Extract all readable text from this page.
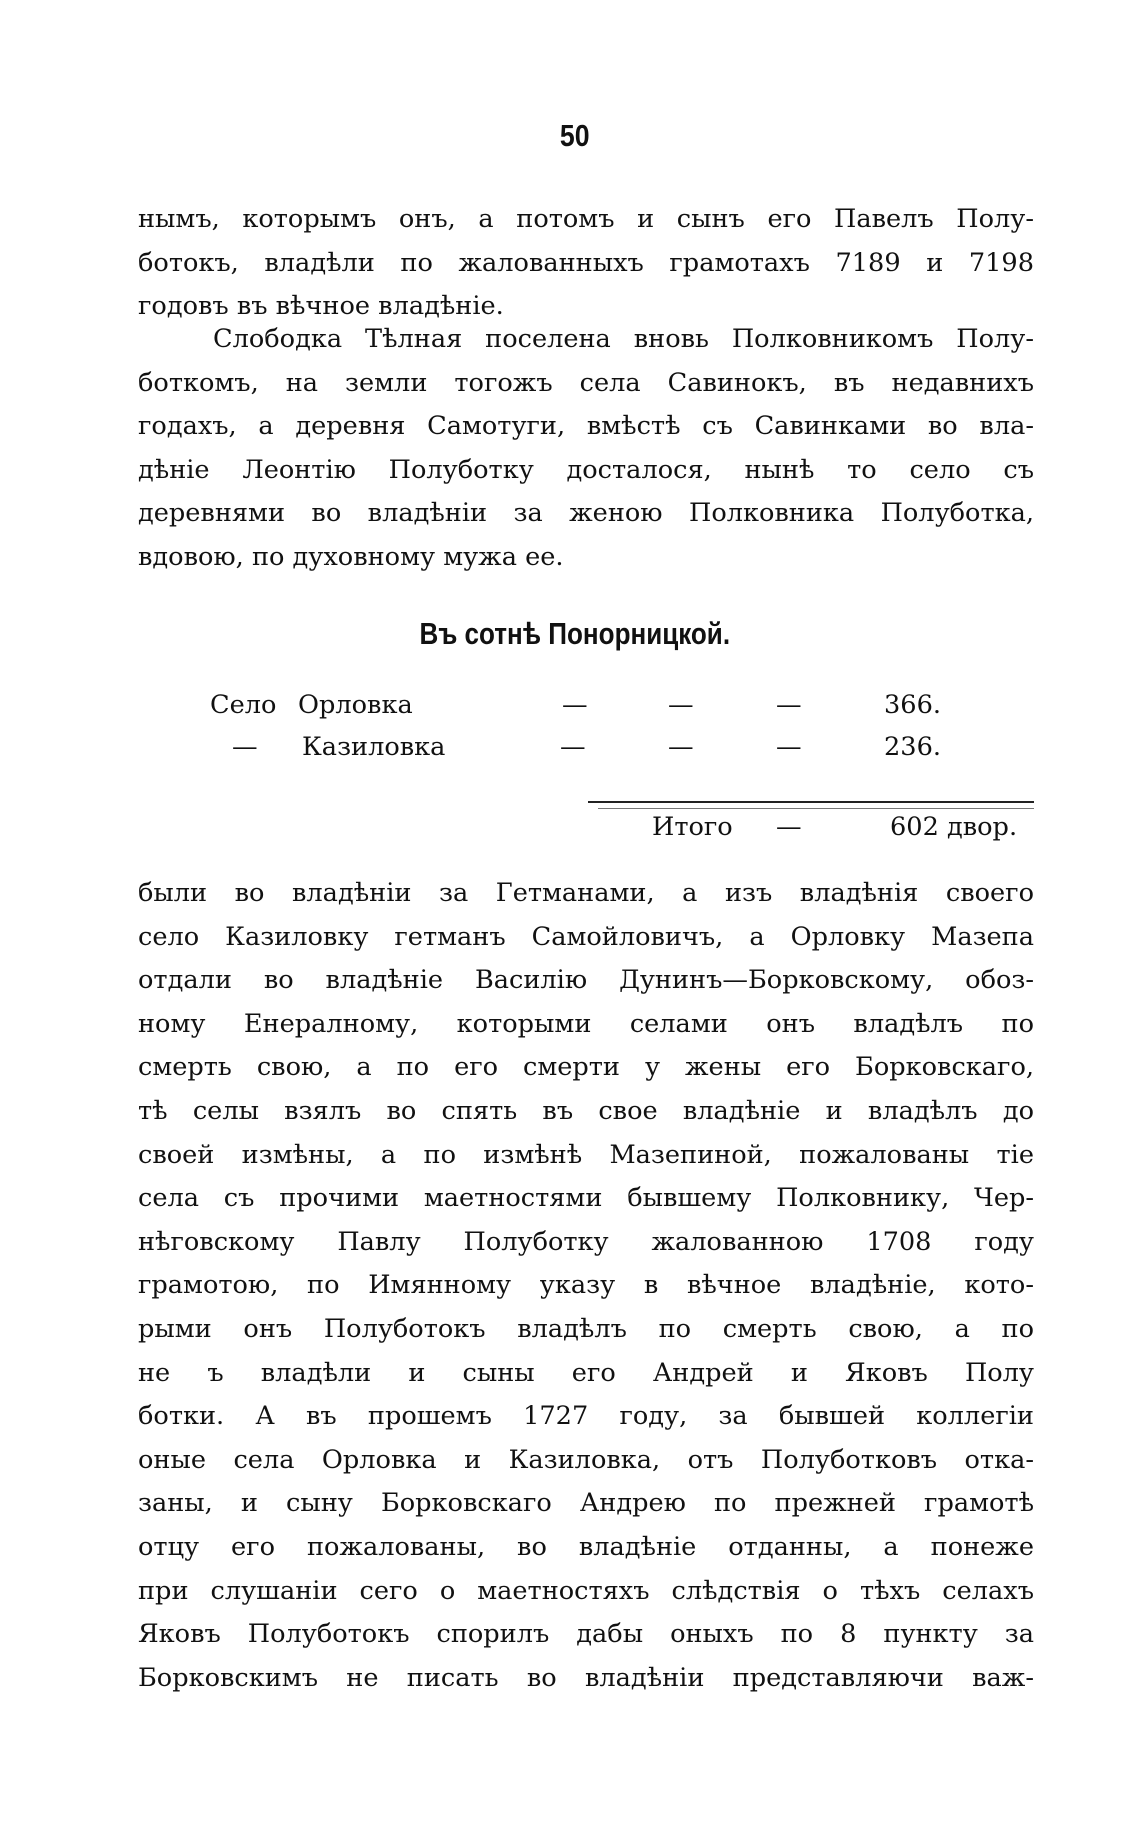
50
нымъ, которымъ онъ, а потомъ и сынъ его Павелъ Полу-
ботокъ, владѣли по жалованныхъ грамотахъ 7189 и 7198
годовъ въ вѣчное владѣніе.
Слободка Тѣлная поселена вновь Полковникомъ Полу-
боткомъ, на земли тогожъ села Савинокъ, въ недавнихъ
годахъ, а деревня Самотуги, вмѣстѣ съ Савинками во вла-
дѣніе Леонтію Полуботку досталося, нынѣ то село съ
деревнями во владѣніи за женою Полковника Полуботка,
вдовою, по духовному мужа ее.
Въ сотнѣ Понорницкой.
Село Орловка	—	—	—	366.
— Казиловка	—	—	—	236.
Итого —	602 двор.
были во владѣніи за Гетманами, а изъ владѣнія своего
село Казиловку гетманъ Самойловичъ, а Орловку Мазепа
отдали во владѣніе Василію Дунинъ—Борковскому, обоз-
ному Енералному, которыми селами онъ владѣлъ по
смерть свою, а по его смерти у жены его Борковскаго,
тѣ селы взялъ во спять въ свое владѣніе и владѣлъ до
своей измѣны, а по измѣнѣ Мазепиной, пожалованы тіе
села съ прочими маетностями бывшему Полковнику, Чер-
нѣговскому Павлу Полуботку жалованною 1708 году
грамотою, по Имянному указу в вѣчное владѣніе, кото-
рыми онъ Полуботокъ владѣлъ по смерть свою, а по
не ъ владѣли и сыны его Андрей и Яковъ Полу
ботки. А въ прошемъ 1727 году, за бывшей коллегіи
оные села Орловка и Казиловка, отъ Полуботковъ отка-
заны, и сыну Борковскаго Андрею по прежней грамотѣ
отцу его пожалованы, во владѣніе отданны, а понеже
при слушаніи сего о маетностяхъ слѣдствія о тѣхъ селахъ
Яковъ Полуботокъ спорилъ дабы оныхъ по 8 пункту за
Борковскимъ не писать во владѣніи представляючи важ-
